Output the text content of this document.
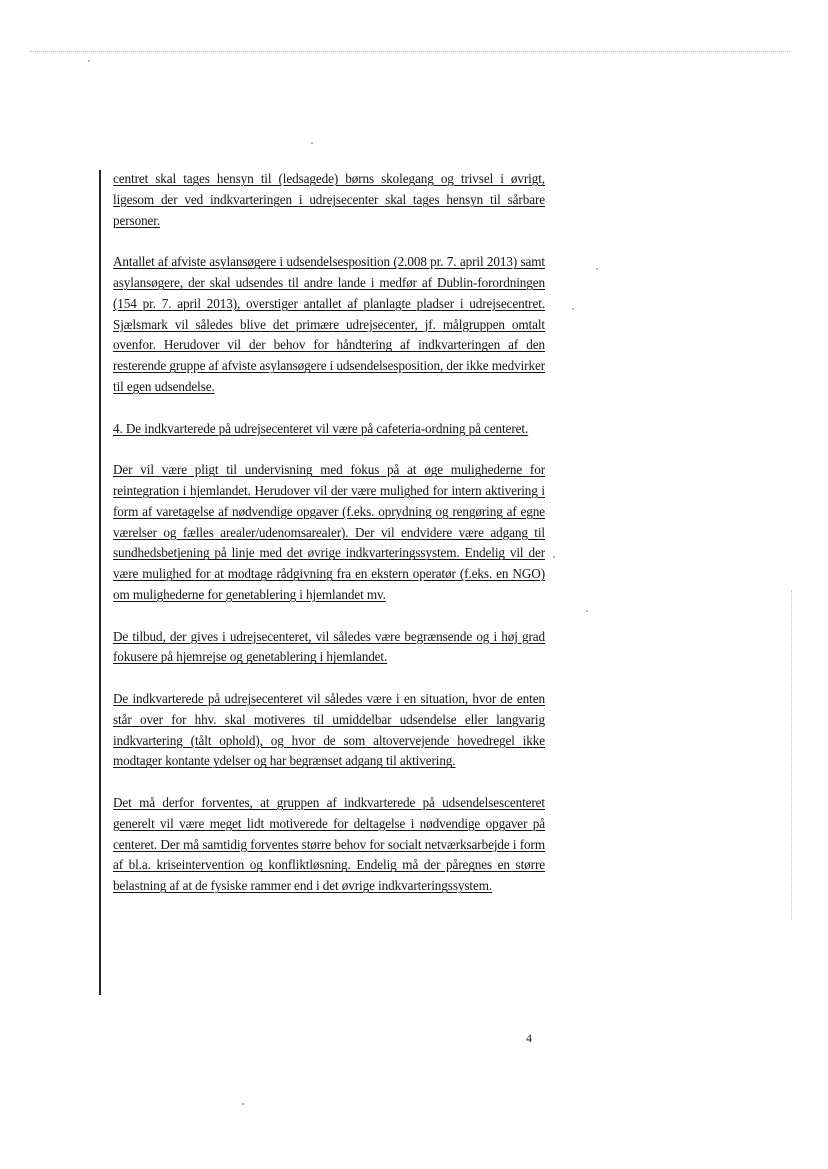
centret skal tages hensyn til (ledsagede) børns skolegang og trivsel i øvrigt, ligesom der ved indkvarteringen i udrejsecenter skal tages hensyn til sårbare personer.

Antallet af afviste asylansøgere i udsendelsesposition (2.008 pr. 7. april 2013) samt asylansøgere, der skal udsendes til andre lande i medfør af Dublin-forordningen (154 pr. 7. april 2013), overstiger antallet af planlagte pladser i udrejsecentret. Sjælsmark vil således blive det primære udrejsecenter, jf. målgruppen omtalt ovenfor. Herudover vil der behov for håndtering af indkvarteringen af den resterende gruppe af afviste asylansøgere i udsendelsesposition, der ikke medvirker til egen udsendelse.

4. De indkvarterede på udrejsecenteret vil være på cafeteria-ordning på centeret.

Der vil være pligt til undervisning med fokus på at øge mulighederne for reintegration i hjemlandet. Herudover vil der være mulighed for intern aktivering i form af varetagelse af nødvendige opgaver (f.eks. oprydning og rengøring af egne værelser og fælles arealer/udenomsarealer). Der vil endvidere være adgang til sundhedsbetjening på linje med det øvrige indkvarteringssystem. Endelig vil der være mulighed for at modtage rådgivning fra en ekstern operatør (f.eks. en NGO) om mulighederne for genetablering i hjemlandet mv.

De tilbud, der gives i udrejsecenteret, vil således være begrænsende og i høj grad fokusere på hjemrejse og genetablering i hjemlandet.

De indkvarterede på udrejsecenteret vil således være i en situation, hvor de enten står over for hhv. skal motiveres til umiddelbar udsendelse eller langvarig indkvartering (tålt ophold), og hvor de som altovervejende hovedregel ikke modtager kontante ydelser og har begrænset adgang til aktivering.

Det må derfor forventes, at gruppen af indkvarterede på udsendelsescenteret generelt vil være meget lidt motiverede for deltagelse i nødvendige opgaver på centeret. Der må samtidig forventes større behov for socialt netværksarbejde i form af bl.a. kriseintervention og konfliktløsning. Endelig må der påregnes en større belastning af at de fysiske rammer end i det øvrige indkvarteringssystem.

4
